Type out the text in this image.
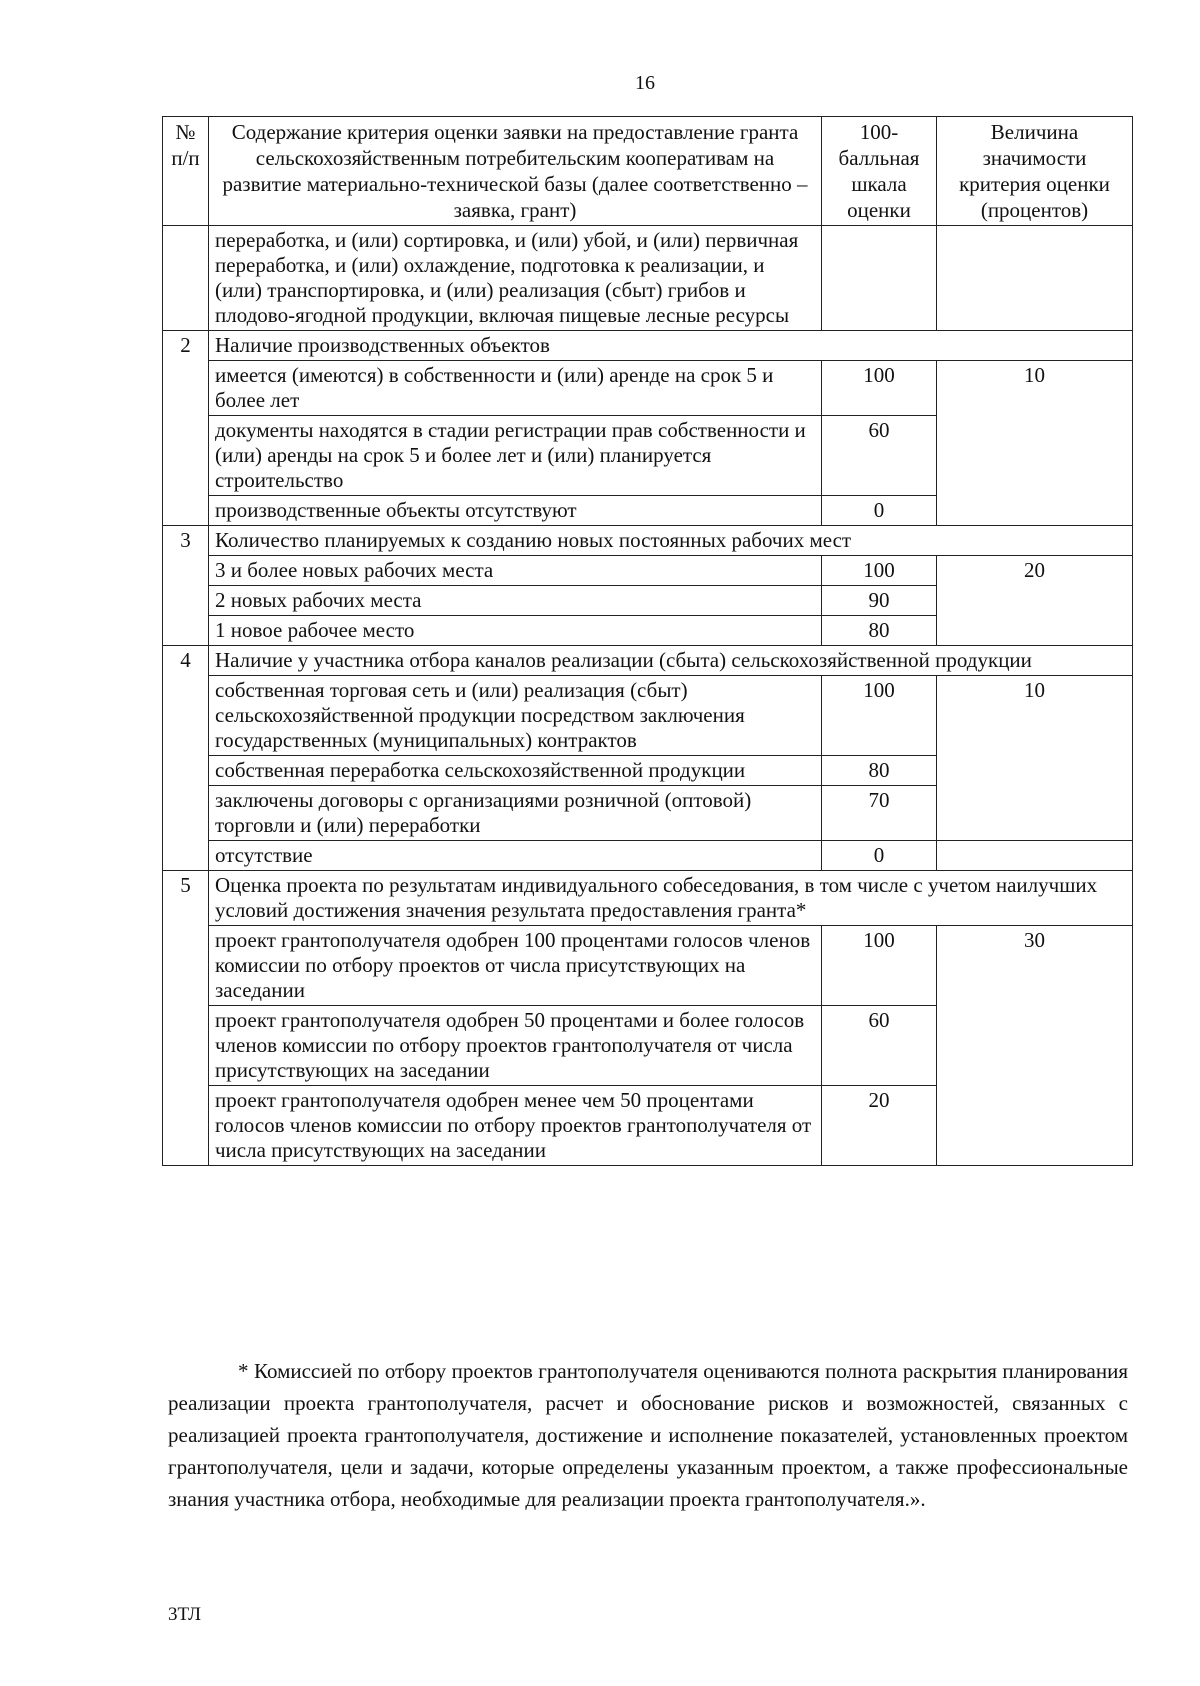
16
№ п/п	Содержание критерия оценки заявки на предоставление гранта сельскохозяйственным потребительским кооперативам на развитие материально-технической базы (далее соответственно – заявка, грант)	100-балльная шкала оценки	Величина значимости критерия оценки (процентов)
	переработка, и (или) сортировка, и (или) убой, и (или) первичная переработка, и (или) охлаждение, подготовка к реализации, и (или) транспортировка, и (или) реализация (сбыт) грибов и плодово-ягодной продукции, включая пищевые лесные ресурсы		
2	Наличие производственных объектов		
	имеется (имеются) в собственности и (или) аренде на срок 5 и более лет	100	10
	документы находятся в стадии регистрации прав собственности и (или) аренды на срок 5 и более лет и (или) планируется строительство	60	
	производственные объекты отсутствуют	0	
3	Количество планируемых к созданию новых постоянных рабочих мест		
	3 и более новых рабочих места	100	20
	2 новых рабочих места	90	
	1 новое рабочее место	80	
4	Наличие у участника отбора каналов реализации (сбыта) сельскохозяйственной продукции		
	собственная торговая сеть и (или) реализация (сбыт) сельскохозяйственной продукции посредством заключения государственных (муниципальных) контрактов	100	10
	собственная переработка сельскохозяйственной продукции	80	
	заключены договоры с организациями розничной (оптовой) торговли и (или) переработки	70	
	отсутствие	0	
5	Оценка проекта по результатам индивидуального собеседования, в том числе с учетом наилучших условий достижения значения результата предоставления гранта*		
	проект грантополучателя одобрен 100 процентами голосов членов комиссии по отбору проектов от числа присутствующих на заседании	100	30
	проект грантополучателя одобрен 50 процентами и более голосов членов комиссии по отбору проектов грантополучателя от числа присутствующих на заседании	60	
	проект грантополучателя одобрен менее чем 50 процентами голосов членов комиссии по отбору проектов грантополучателя от числа присутствующих на заседании	20	
* Комиссией по отбору проектов грантополучателя оцениваются полнота раскрытия планирования реализации проекта грантополучателя, расчет и обоснование рисков и возможностей, связанных с реализацией проекта грантополучателя, достижение и исполнение показателей, установленных проектом грантополучателя, цели и задачи, которые определены указанным проектом, а также профессиональные знания участника отбора, необходимые для реализации проекта грантополучателя.».
3ТЛ
